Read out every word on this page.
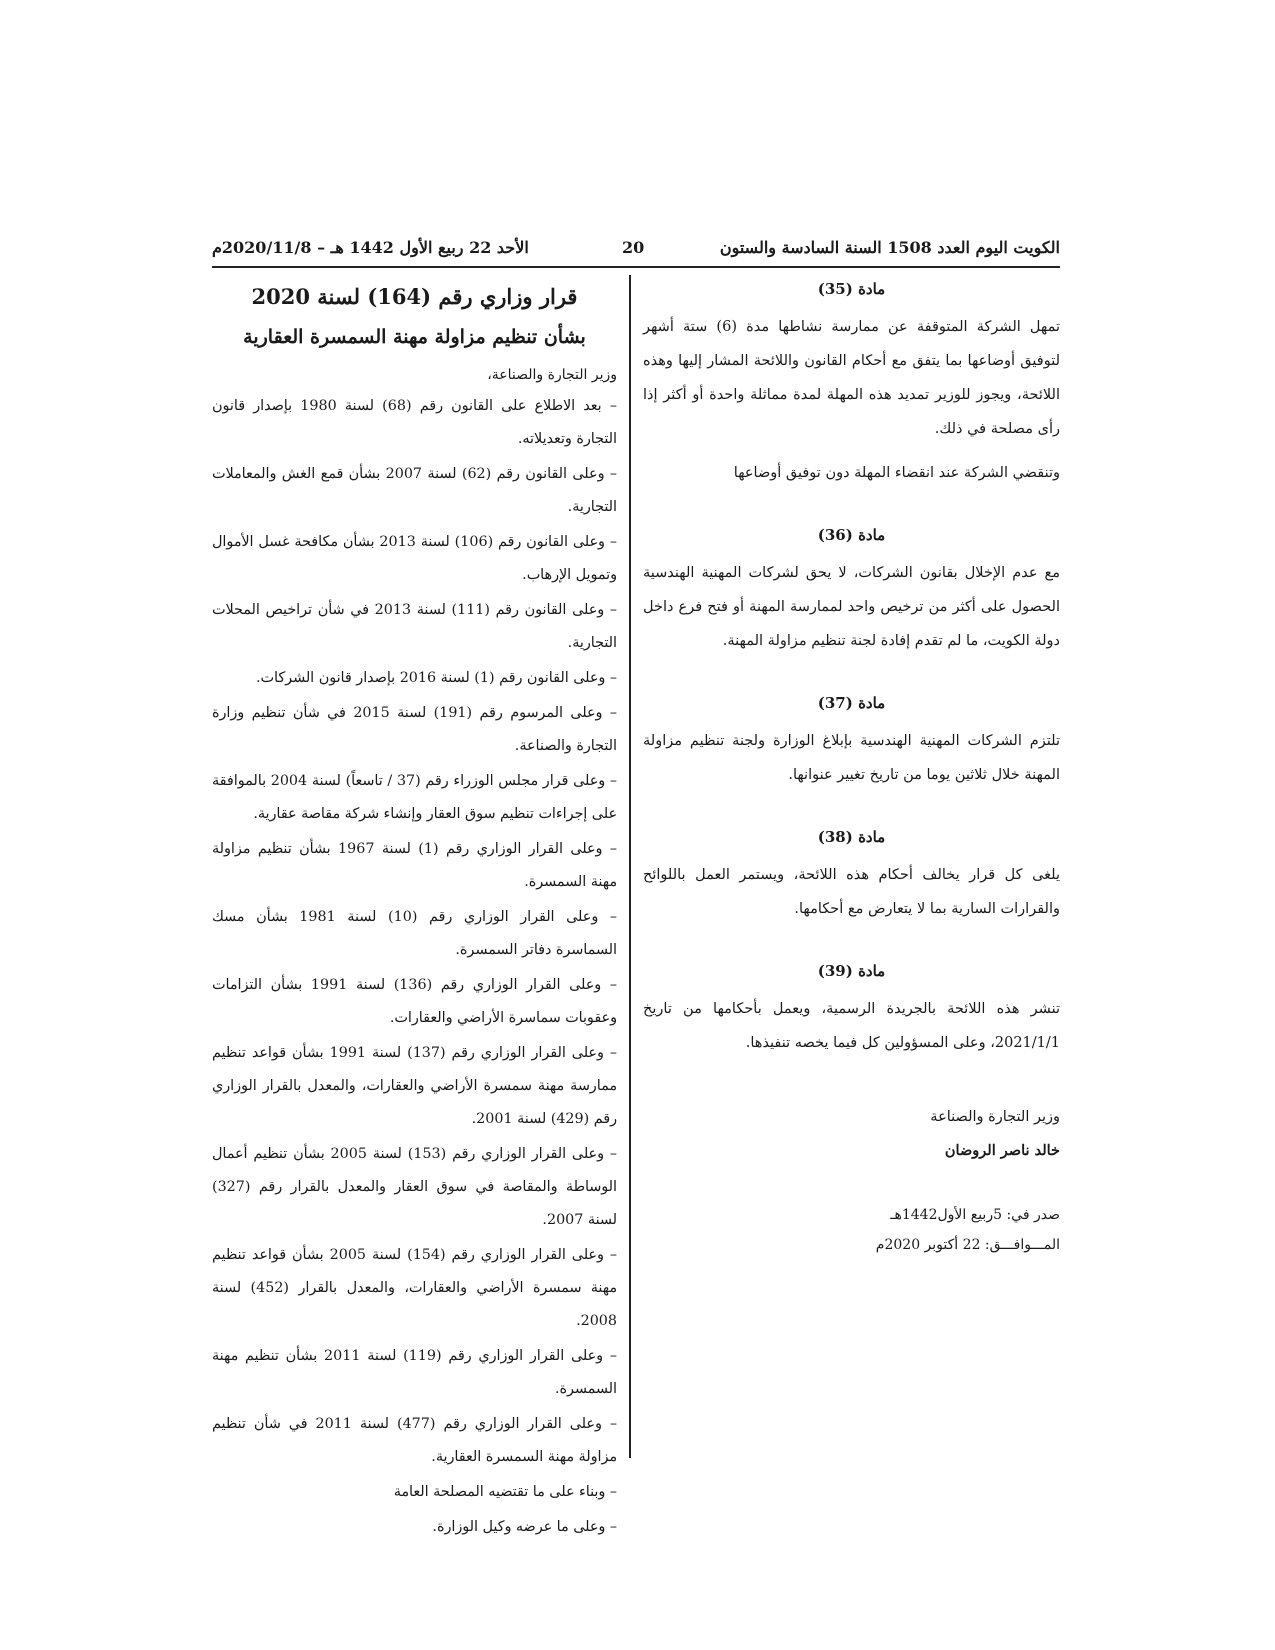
الكويت اليوم العدد 1508 السنة السادسة والستون
20
الأحد 22 ربيع الأول 1442 هـ – 2020/11/8م

مادة (35)

تمهل الشركة المتوقفة عن ممارسة نشاطها مدة (6) ستة أشهر لتوفيق أوضاعها بما يتفق مع أحكام القانون واللائحة المشار إليها وهذه اللائحة، ويجوز للوزير تمديد هذه المهلة لمدة مماثلة واحدة أو أكثر إذا رأى مصلحة في ذلك.

وتنقضي الشركة عند انقضاء المهلة دون توفيق أوضاعها

مادة (36)

مع عدم الإخلال بقانون الشركات، لا يحق لشركات المهنية الهندسية الحصول على أكثر من ترخيص واحد لممارسة المهنة أو فتح فرع داخل دولة الكويت، ما لم تقدم إفادة لجنة تنظيم مزاولة المهنة.

مادة (37)

تلتزم الشركات المهنية الهندسية بإبلاغ الوزارة ولجنة تنظيم مزاولة المهنة خلال ثلاثين يوما من تاريخ تغيير عنوانها.

مادة (38)

يلغى كل قرار يخالف أحكام هذه اللائحة، ويستمر العمل باللوائح والقرارات السارية بما لا يتعارض مع أحكامها.

مادة (39)

تنشر هذه اللائحة بالجريدة الرسمية، ويعمل بأحكامها من تاريخ 2021/1/1، وعلى المسؤولين كل فيما يخصه تنفيذها.

وزير التجارة والصناعة
خالد ناصر الروضان
صدر في: 5ربيع الأول1442هـ
المـــوافـــق: 22 أكتوبر 2020م

قرار وزاري رقم (164) لسنة 2020

بشأن تنظيم مزاولة مهنة السمسرة العقارية

وزير التجارة والصناعة،

– بعد الاطلاع على القانون رقم (68) لسنة 1980 بإصدار قانون التجارة وتعديلاته.

– وعلى القانون رقم (62) لسنة 2007 بشأن قمع الغش والمعاملات التجارية.

– وعلى القانون رقم (106) لسنة 2013 بشأن مكافحة غسل الأموال وتمويل الإرهاب.

– وعلى القانون رقم (111) لسنة 2013 في شأن تراخيص المحلات التجارية.

– وعلى القانون رقم (1) لسنة 2016 بإصدار قانون الشركات.

– وعلى المرسوم رقم (191) لسنة 2015 في شأن تنظيم وزارة التجارة والصناعة.

– وعلى قرار مجلس الوزراء رقم (37 / تاسعاً) لسنة 2004 بالموافقة على إجراءات تنظيم سوق العقار وإنشاء شركة مقاصة عقارية.

– وعلى القرار الوزاري رقم (1) لسنة 1967 بشأن تنظيم مزاولة مهنة السمسرة.

– وعلى القرار الوزاري رقم (10) لسنة 1981 بشأن مسك السماسرة دفاتر السمسرة.

– وعلى القرار الوزاري رقم (136) لسنة 1991 بشأن التزامات وعقوبات سماسرة الأراضي والعقارات.

– وعلى القرار الوزاري رقم (137) لسنة 1991 بشأن قواعد تنظيم ممارسة مهنة سمسرة الأراضي والعقارات، والمعدل بالقرار الوزاري رقم (429) لسنة 2001.

– وعلى القرار الوزاري رقم (153) لسنة 2005 بشأن تنظيم أعمال الوساطة والمقاصة في سوق العقار والمعدل بالقرار رقم (327) لسنة 2007.

– وعلى القرار الوزاري رقم (154) لسنة 2005 بشأن قواعد تنظيم مهنة سمسرة الأراضي والعقارات، والمعدل بالقرار (452) لسنة 2008.

– وعلى القرار الوزاري رقم (119) لسنة 2011 بشأن تنظيم مهنة السمسرة.

– وعلى القرار الوزاري رقم (477) لسنة 2011 في شأن تنظيم مزاولة مهنة السمسرة العقارية.

– وبناء على ما تقتضيه المصلحة العامة

– وعلى ما عرضه وكيل الوزارة.
